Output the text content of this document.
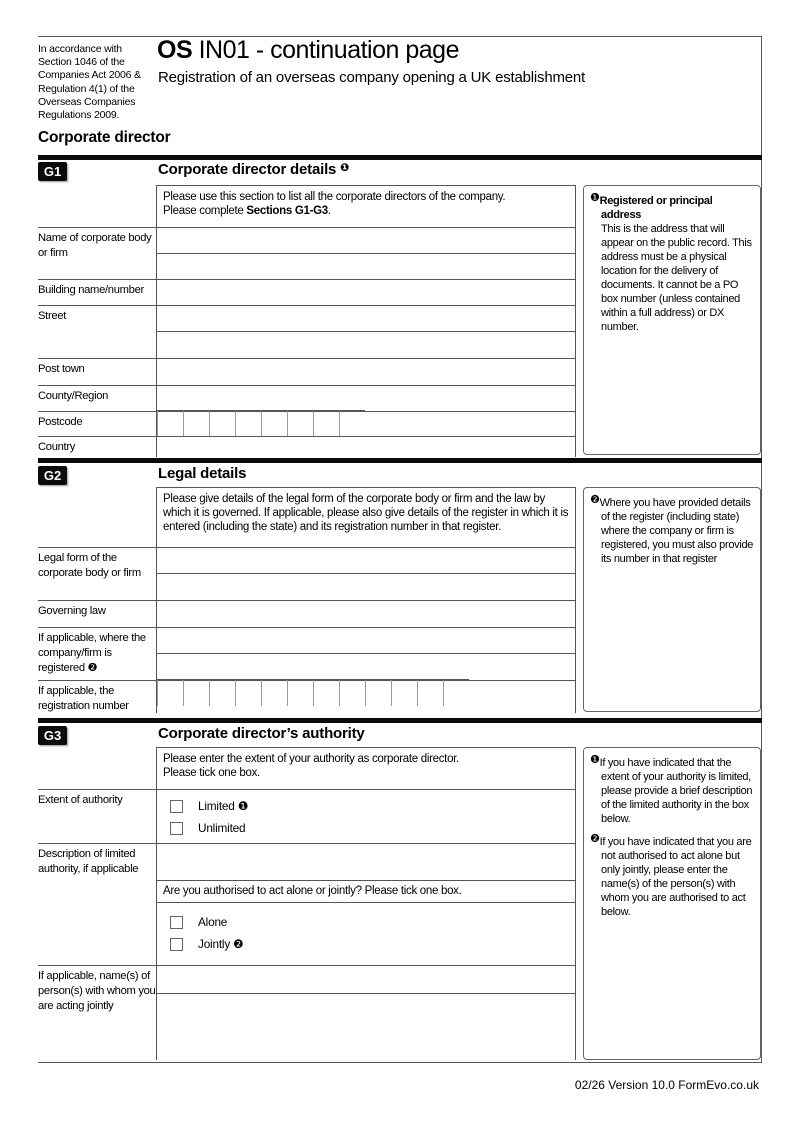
In accordance with Section 1046 of the Companies Act 2006 & Regulation 4(1) of the Overseas Companies Regulations 2009.
OS IN01 - continuation page
Registration of an overseas company opening a UK establishment
Corporate director
G1	Corporate director details $^❶$
Please use this section to list all the corporate directors of the company.
Please complete Sections G1-G3.
Name of corporate body or firm
Building name/number
Street
Post town
County/Region
Postcode
Country
❶Registered or principal address
This is the address that will appear on the public record. This address must be a physical location for the delivery of documents. It cannot be a PO box number (unless contained within a full address) or DX number.
G2	Legal details
Please give details of the legal form of the corporate body or firm and the law by which it is governed. If applicable, please also give details of the register in which it is entered (including the state) and its registration number in that register.
Legal form of the corporate body or firm
Governing law
If applicable, where the company/firm is registered ❷
If applicable, the registration number
❷Where you have provided details of the register (including state) where the company or firm is registered, you must also provide its number in that register
G3	Corporate director’s authority
Please enter the extent of your authority as corporate director.
Please tick one box.
Extent of authority	Limited ❶
Unlimited
Description of limited authority, if applicable
Are you authorised to act alone or jointly? Please tick one box.
Alone
Jointly ❷
If applicable, name(s) of person(s) with whom you are acting jointly
❶If you have indicated that the extent of your authority is limited, please provide a brief description of the limited authority in the box below.
❷If you have indicated that you are not authorised to act alone but only jointly, please enter the name(s) of the person(s) with whom you are authorised to act below.
02/26 Version 10.0 FormEvo.co.uk
